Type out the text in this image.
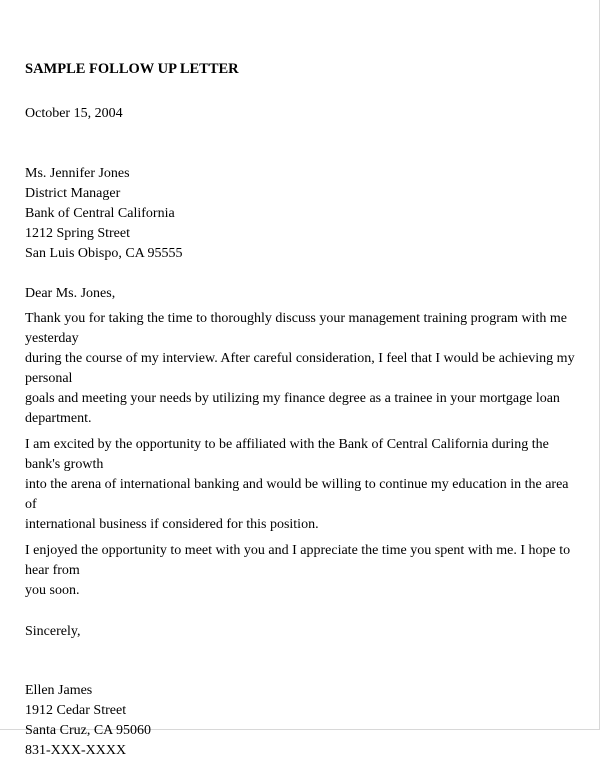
SAMPLE FOLLOW UP LETTER
October 15, 2004
Ms. Jennifer Jones
District Manager
Bank of Central California
1212 Spring Street
San Luis Obispo, CA 95555
Dear Ms. Jones,
Thank you for taking the time to thoroughly discuss your management training program with me yesterday
during the course of my interview. After careful consideration, I feel that I would be achieving my personal
goals and meeting your needs by utilizing my finance degree as a trainee in your mortgage loan department.
I am excited by the opportunity to be affiliated with the Bank of Central California during the bank's growth
into the arena of international banking and would be willing to continue my education in the area of
international business if considered for this position.
I enjoyed the opportunity to meet with you and I appreciate the time you spent with me. I hope to hear from
you soon.
Sincerely,
Ellen James
1912 Cedar Street
Santa Cruz, CA 95060
831-XXX-XXXX
